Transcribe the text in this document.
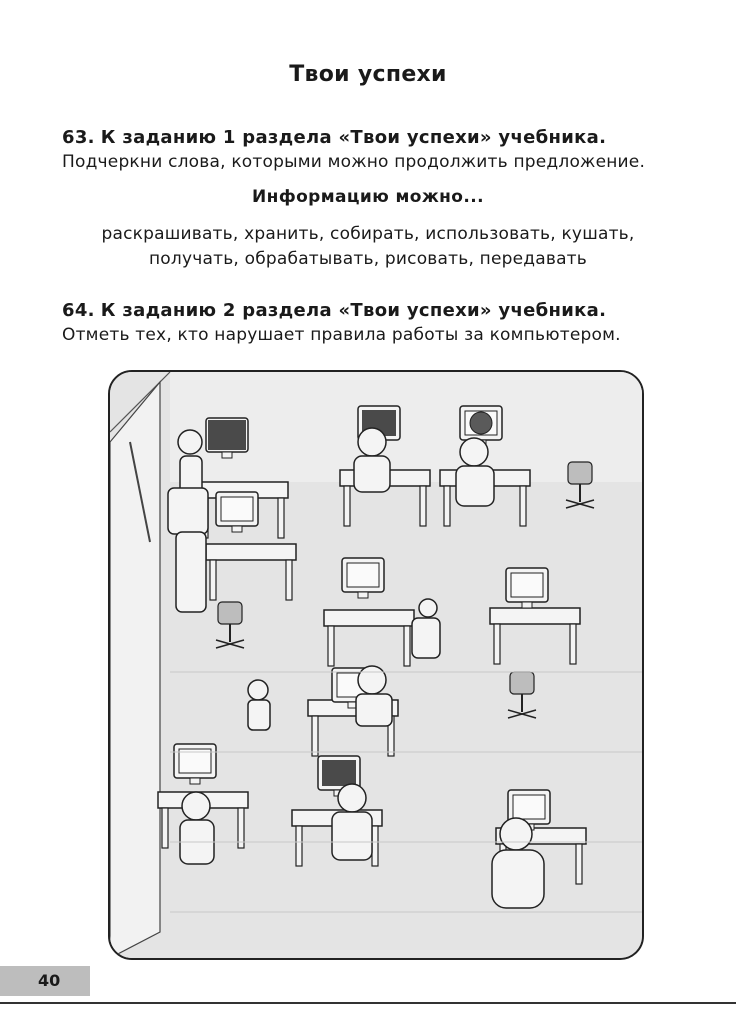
Твои успехи
63. К заданию 1 раздела «Твои успехи» учебника.
Подчеркни слова, которыми можно продолжить предложение.
Информацию можно...
раскрашивать, хранить, собирать, использовать, кушать,
получать, обрабатывать, рисовать, передавать
64. К заданию 2 раздела «Твои успехи» учебника.
Отметь тех, кто нарушает правила работы за компьютером.
40
